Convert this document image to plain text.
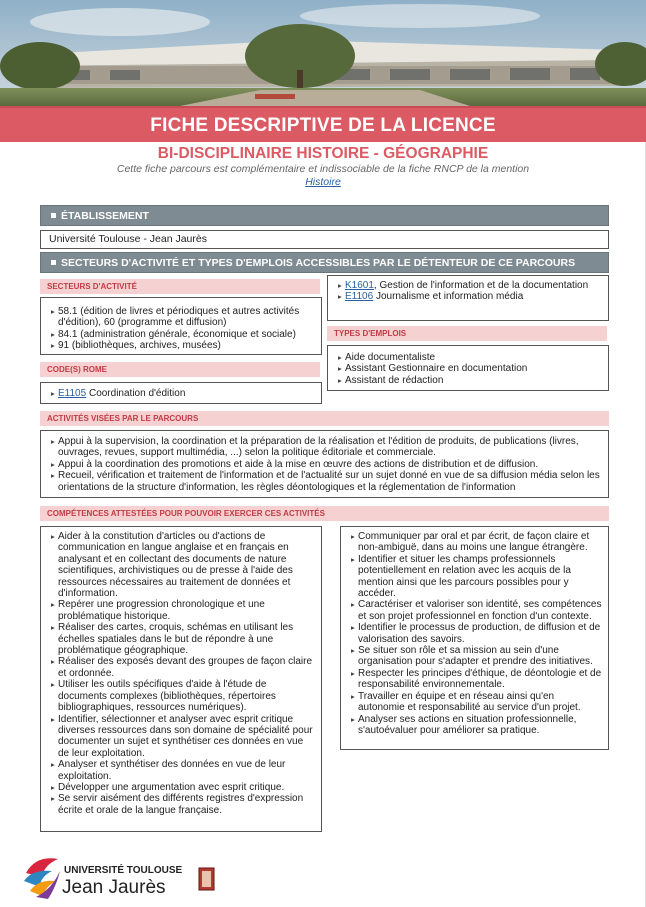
FICHE DESCRIPTIVE DE LA LICENCE
BI-DISCIPLINAIRE HISTOIRE - GÉOGRAPHIE
Cette fiche parcours est complémentaire et indissociable de la fiche RNCP de la mention
Histoire
ÉTABLISSEMENT
Université Toulouse - Jean Jaurès
SECTEURS D'ACTIVITÉ ET TYPES D'EMPLOIS ACCESSIBLES PAR LE DÉTENTEUR DE CE PARCOURS
SECTEURS D'ACTIVITÉ
▸ 58.1 (édition de livres et périodiques et autres activités d'édition), 60 (programme et diffusion)
▸ 84.1 (administration générale, économique et sociale)
▸ 91 (bibliothèques, archives, musées)
CODE(S) ROME
▸ E1105 Coordination d'édition
▸ K1601, Gestion de l'information et de la documentation
▸ E1106 Journalisme et information média
TYPES D'EMPLOIS
▸ Aide documentaliste
▸ Assistant Gestionnaire en documentation
▸ Assistant de rédaction
ACTIVITÉS VISÉES PAR LE PARCOURS
▸ Appui à la supervision, la coordination et la préparation de la réalisation et l'édition de produits, de publications (livres, ouvrages, revues, support multimédia, ...) selon la politique éditoriale et commerciale.
▸ Appui à la coordination des promotions et aide à la mise en œuvre des actions de distribution et de diffusion.
▸ Recueil, vérification et traitement de l'information et de l'actualité sur un sujet donné en vue de sa diffusion média selon les orientations de la structure d'information, les règles déontologiques et la réglementation de l'information
COMPÉTENCES ATTESTÉES POUR POUVOIR EXERCER CES ACTIVITÉS
▸ Aider à la constitution d'articles ou d'actions de communication en langue anglaise et en français en analysant et en collectant des documents de nature scientifiques, archivistiques ou de presse à l'aide des ressources nécessaires au traitement de données et d'information.
▸ Repérer une progression chronologique et une problématique historique.
▸ Réaliser des cartes, croquis, schémas en utilisant les échelles spatiales dans le but de répondre à une problématique géographique.
▸ Réaliser des exposés devant des groupes de façon claire et ordonnée.
▸ Utiliser les outils spécifiques d'aide à l'étude de documents complexes (bibliothèques, répertoires bibliographiques, ressources numériques).
▸ Identifier, sélectionner et analyser avec esprit critique diverses ressources dans son domaine de spécialité pour documenter un sujet et synthétiser ces données en vue de leur exploitation.
▸ Analyser et synthétiser des données en vue de leur exploitation.
▸ Développer une argumentation avec esprit critique.
▸ Se servir aisément des différents registres d'expression écrite et orale de la langue française.
▸ Communiquer par oral et par écrit, de façon claire et non-ambiguë, dans au moins une langue étrangère.
▸ Identifier et situer les champs professionnels potentiellement en relation avec les acquis de la mention ainsi que les parcours possibles pour y accéder.
▸ Caractériser et valoriser son identité, ses compétences et son projet professionnel en fonction d'un contexte.
▸ Identifier le processus de production, de diffusion et de valorisation des savoirs.
▸ Se situer son rôle et sa mission au sein d'une organisation pour s'adapter et prendre des initiatives.
▸ Respecter les principes d'éthique, de déontologie et de responsabilité environnementale.
▸ Travailler en équipe et en réseau ainsi qu'en autonomie et responsabilité au service d'un projet.
▸ Analyser ses actions en situation professionnelle, s'autoévaluer pour améliorer sa pratique.
UNIVERSITÉ TOULOUSE
Jean Jaurès
